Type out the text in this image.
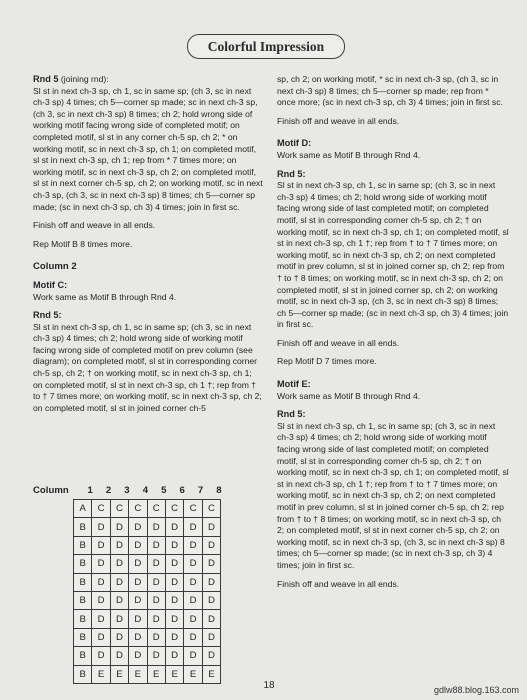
Colorful Impression

Rnd 5 (joining rnd):

Sl st in next ch-3 sp, ch 1, sc in same sp; (ch 3, sc in next ch-3 sp) 4 times; ch 5—corner sp made; sc in next ch-3 sp, (ch 3, sc in next ch-3 sp) 8 times; ch 2; hold wrong side of working motif facing wrong side of completed motif; on completed motif, sl st in any corner ch-5 sp, ch 2; * on working motif, sc in next ch-3 sp, ch 1; on completed motif, sl st in next ch-3 sp, ch 1; rep from * 7 times more; on working motif, sc in next ch-3 sp, ch 2; on completed motif, sl st in next corner ch-5 sp, ch 2; on working motif, sc in next ch-3 sp, (ch 3, sc in next ch-3 sp) 8 times; ch 5—corner sp made; (sc in next ch-3 sp, ch 3) 4 times; join in first sc.

Finish off and weave in all ends.

Rep Motif B 8 times more.

Column 2

Motif C:

Work same as Motif B through Rnd 4.

Rnd 5:

Sl st in next ch-3 sp, ch 1, sc in same sp; (ch 3, sc in next ch-3 sp) 4 times; ch 2; hold wrong side of working motif facing wrong side of completed motif on prev column (see diagram); on completed motif, sl st in corresponding corner ch-5 sp, ch 2; † on working motif, sc in next ch-3 sp, ch 1; on completed motif, sl st in next ch-3 sp, ch 1 †; rep from † to † 7 times more; on working motif, sc in next ch-3 sp, ch 2; on completed motif, sl st in joined corner ch-5

Column	1	2	3	4	5	6	7	8
A	C	C	C	C	C	C	C
B	D	D	D	D	D	D	D
B	D	D	D	D	D	D	D
B	D	D	D	D	D	D	D
B	D	D	D	D	D	D	D
B	D	D	D	D	D	D	D
B	D	D	D	D	D	D	D
B	D	D	D	D	D	D	D
B	D	D	D	D	D	D	D
B	E	E	E	E	E	E	E

sp, ch 2; on working motif, * sc in next ch-3 sp, (ch 3, sc in next ch-3 sp) 8 times; ch 5—corner sp made; rep from * once more; (sc in next ch-3 sp, ch 3) 4 times; join in first sc.

Finish off and weave in all ends.

Motif D:

Work same as Motif B through Rnd 4.

Rnd 5:

Sl st in next ch-3 sp, ch 1, sc in same sp; (ch 3, sc in next ch-3 sp) 4 times; ch 2; hold wrong side of working motif facing wrong side of last completed motif; on completed motif, sl st in corresponding corner ch-5 sp, ch 2; † on working motif, sc in next ch-3 sp, ch 1; on completed motif, sl st in next ch-3 sp, ch 1 †; rep from † to † 7 times more; on working motif, sc in next ch-3 sp, ch 2; on next completed motif in prev column, sl st in joined corner sp, ch 2; rep from † to † 8 times; on working motif, sc in next ch-3 sp, ch 2; on completed motif, sl st in joined corner sp, ch 2; on working motif, sc in next ch-3 sp, (ch 3, sc in next ch-3 sp) 8 times; ch 5—corner sp made; (sc in next ch-3 sp, ch 3) 4 times; join in first sc.

Finish off and weave in all ends.

Rep Motif D 7 times more.

Motif E:

Work same as Motif B through Rnd 4.

Rnd 5:

Sl st in next ch-3 sp, ch 1, sc in same sp; (ch 3, sc in next ch-3 sp) 4 times; ch 2; hold wrong side of working motif facing wrong side of last completed motif; on completed motif, sl st in corresponding corner ch-5 sp, ch 2; † on working motif, sc in next ch-3 sp, ch 1; on completed motif, sl st in next ch-3 sp, ch 1 †; rep from † to † 7 times more; on working motif, sc in next ch-3 sp, ch 2; on next completed motif in prev column, sl st in joined corner ch-5 sp, ch 2; rep from † to † 8 times; on working motif, sc in next ch-3 sp, ch 2; on completed motif, sl st in next corner ch-5 sp, ch 2; on working motif, sc in next ch-3 sp, (ch 3, sc in next ch-3 sp) 8 times; ch 5—corner sp made; (sc in next ch-3 sp, ch 3) 4 times; join in first sc.

Finish off and weave in all ends.

18	gdlw88.blog.163.com
